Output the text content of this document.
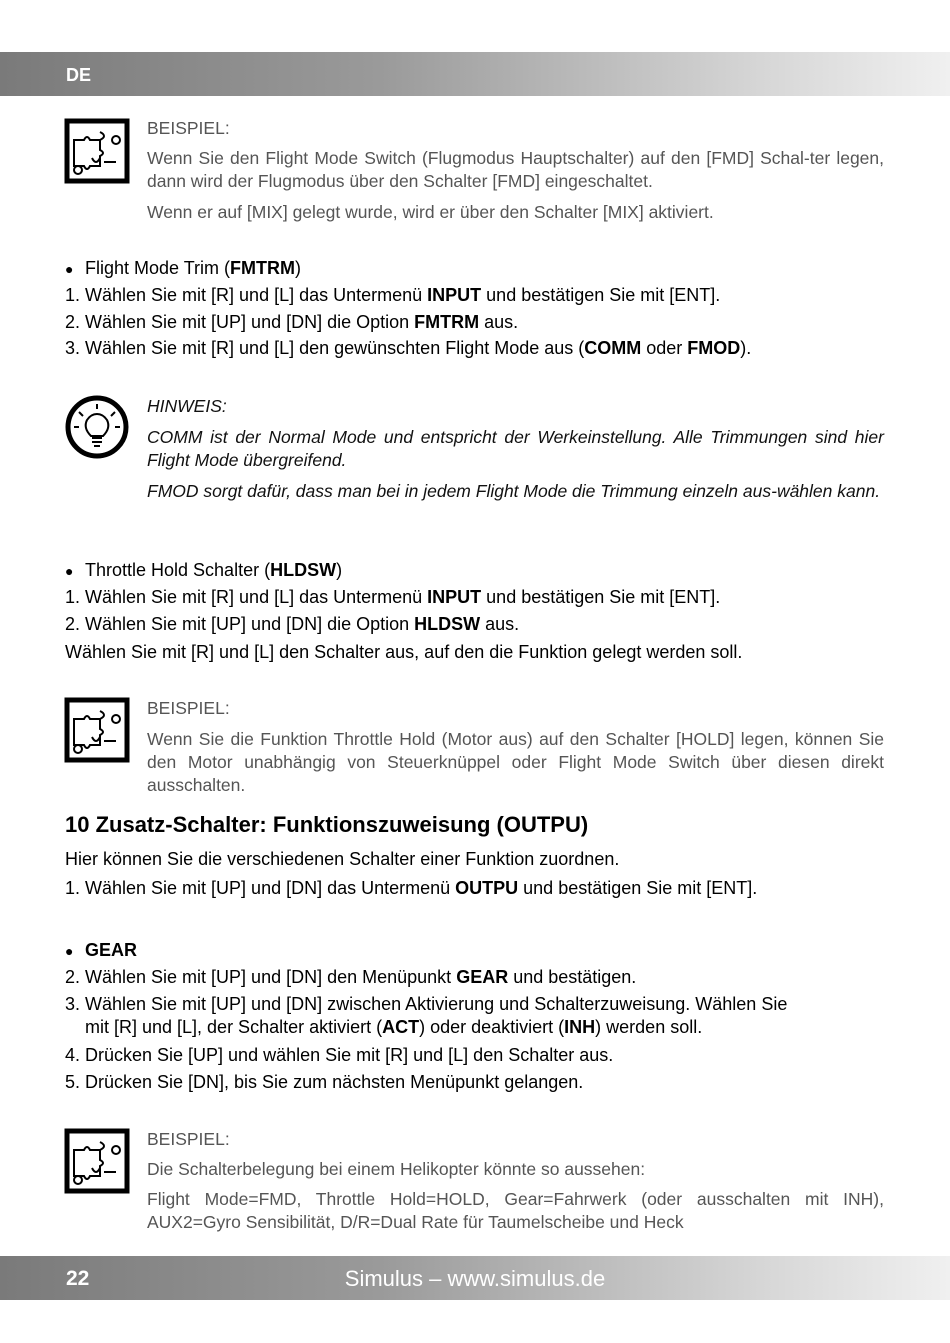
DE
BEISPIEL:
Wenn Sie den Flight Mode Switch (Flugmodus Hauptschalter) auf den [FMD] Schal-ter legen, dann wird der Flugmodus über den Schalter [FMD] eingeschaltet.
Wenn er auf [MIX] gelegt wurde, wird er über den Schalter [MIX] aktiviert.
● Flight Mode Trim (FMTRM)
1. Wählen Sie mit [R] und [L] das Untermenü INPUT und bestätigen Sie mit [ENT].
2. Wählen Sie mit [UP] und [DN] die Option FMTRM aus.
3. Wählen Sie mit [R] und [L] den gewünschten Flight Mode aus (COMM oder FMOD).
HINWEIS:
COMM ist der Normal Mode und entspricht der Werkeinstellung. Alle Trimmungen sind hier Flight Mode übergreifend.
FMOD sorgt dafür, dass man bei in jedem Flight Mode die Trimmung einzeln aus-wählen kann.
● Throttle Hold Schalter (HLDSW)
1. Wählen Sie mit [R] und [L] das Untermenü INPUT und bestätigen Sie mit [ENT].
2. Wählen Sie mit [UP] und [DN] die Option HLDSW aus.
Wählen Sie mit [R] und [L] den Schalter aus, auf den die Funktion gelegt werden soll.
BEISPIEL:
Wenn Sie die Funktion Throttle Hold (Motor aus) auf den Schalter [HOLD] legen, können Sie den Motor unabhängig von Steuerknüppel oder Flight Mode Switch über diesen direkt ausschalten.
10 Zusatz-Schalter: Funktionszuweisung (OUTPU)
Hier können Sie die verschiedenen Schalter einer Funktion zuordnen.
1. Wählen Sie mit [UP] und [DN] das Untermenü OUTPU und bestätigen Sie mit [ENT].
● GEAR
2. Wählen Sie mit [UP] und [DN] den Menüpunkt GEAR und bestätigen.
3. Wählen Sie mit [UP] und [DN] zwischen Aktivierung und Schalterzuweisung. Wählen Sie
mit [R] und [L], der Schalter aktiviert (ACT) oder deaktiviert (INH) werden soll.
4. Drücken Sie [UP] und wählen Sie mit [R] und [L] den Schalter aus.
5. Drücken Sie [DN], bis Sie zum nächsten Menüpunkt gelangen.
BEISPIEL:
Die Schalterbelegung bei einem Helikopter könnte so aussehen:
Flight Mode=FMD, Throttle Hold=HOLD, Gear=Fahrwerk (oder ausschalten mit INH), AUX2=Gyro Sensibilität, D/R=Dual Rate für Taumelscheibe und Heck
22	Simulus – www.simulus.de
